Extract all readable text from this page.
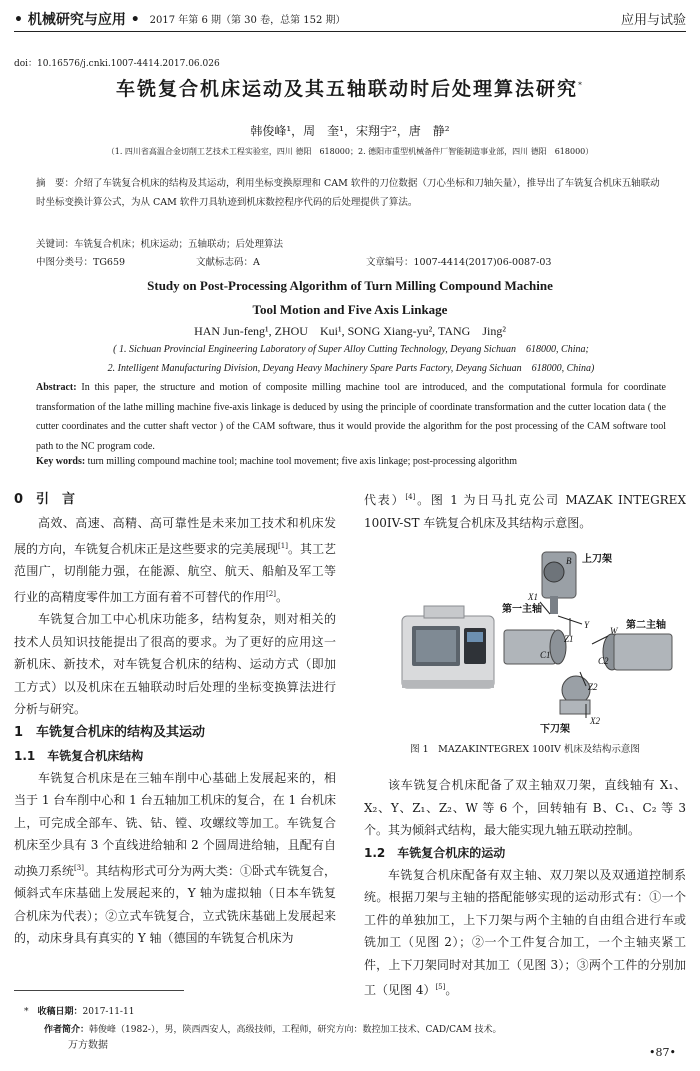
• 机械研究与应用 • 2017 年第 6 期（第 30 卷，总第 152 期）	应用与试验
doi：10.16576/j.cnki.1007-4414.2017.06.026
车铣复合机床运动及其五轴联动时后处理算法研究*
韩俊峰¹，周　奎¹，宋翔宇²，唐　静²
（1. 四川省高温合金切削工艺技术工程实验室，四川 德阳　618000；2. 德阳市重型机械备件厂智能制造事业部，四川 德阳　618000）
摘　要：介绍了车铣复合机床的结构及其运动，利用坐标变换原理和 CAM 软件的刀位数据（刀心坐标和刀轴矢量），推导出了车铣复合机床五轴联动时坐标变换计算公式，为从 CAM 软件刀具轨迹到机床数控程序代码的后处理提供了算法。
关键词：车铣复合机床；机床运动；五轴联动；后处理算法
中图分类号：TG659	文献标志码：A	文章编号：1007-4414(2017)06-0087-03
Study on Post-Processing Algorithm of Turn Milling Compound Machine
Tool Motion and Five Axis Linkage
HAN Jun-feng¹, ZHOU　Kui¹, SONG Xiang-yu², TANG　Jing²
( 1. Sichuan Provincial Engineering Laboratory of Super Alloy Cutting Technology, Deyang Sichuan　618000, China;
2. Intelligent Manufacturing Division, Deyang Heavy Machinery Spare Parts Factory, Deyang Sichuan　618000, China)
Abstract: In this paper, the structure and motion of composite milling machine tool are introduced, and the computational formula for coordinate transformation of the lathe milling machine five-axis linkage is deduced by using the principle of coordinate transformation and the cutter location data ( the cutter coordinates and the cutter shaft vector ) of the CAM software, thus it would provide the algorithm for the post processing of the CAM software tool path to the NC program code.
Key words: turn milling compound machine tool; machine tool movement; five axis linkage; post-processing algorithm
0　引　言

高效、高速、高精、高可靠性是未来加工技术和机床发展的方向，车铣复合机床正是这些要求的完美展现[1]。其工艺范围广，切削能力强，在能源、航空、航天、船舶及军工等行业的高精度零件加工方面有着不可替代的作用[2]。

车铣复合加工中心机床功能多，结构复杂，则对相关的技术人员知识技能提出了很高的要求。为了更好的应用这一新机床、新技术，对车铣复合机床的结构、运动方式（即加工方式）以及机床在五轴联动时后处理的坐标变换算法进行分析与研究。

1　车铣复合机床的结构及其运动
1.1　车铣复合机床结构

车铣复合机床是在三轴车削中心基础上发展起来的，相当于 1 台车削中心和 1 台五轴加工机床的复合，在 1 台机床上，可完成全部车、铣、钻、镗、攻螺纹等加工。车铣复合机床至少具有 3 个直线进给轴和 2 个圆周进给轴，且配有自动换刀系统[3]。其结构形式可分为两大类：①卧式车铣复合，倾斜式车床基础上发展起来的，Y 轴为虚拟轴（日本车铣复合机床为代表）；②立式车铣复合，立式铣床基础上发展起来的，动床身具有真实的 Y 轴（德国的车铣复合机床为

代表）[4]。图 1 为日马扎克公司 MAZAK INTEGREX 100IV-ST 车铣复合机床及其结构示意图。

上刀架
第一主轴
第二主轴
下刀架
X1
Y
Z1
B
C1
C2
W
X2
Z2
图 1　MAZAKINTEGREX 100IV 机床及结构示意图

该车铣复合机床配备了双主轴双刀架，直线轴有 X₁、X₂、Y、Z₁、Z₂、W 等 6 个，回转轴有 B、C₁、C₂ 等 3 个。其为倾斜式结构，最大能实现九轴五联动控制。

1.2　车铣复合机床的运动

车铣复合机床配备有双主轴、双刀架以及双通道控制系统。根据刀架与主轴的搭配能够实现的运动形式有：①一个工件的单独加工，上下刀架与两个主轴的自由组合进行车或铣加工（见图 2）；②一个工件复合加工，一个主轴夹紧工件，上下刀架同时对其加工（见图 3）；③两个工件的分别加工（见图 4）[5]。

*　 收稿日期：2017-11-11
作者简介：韩俊峰（1982-），男，陕西西安人，高级技师，工程师，研究方向：数控加工技术、CAD/CAM 技术。
万方数据
•87•
